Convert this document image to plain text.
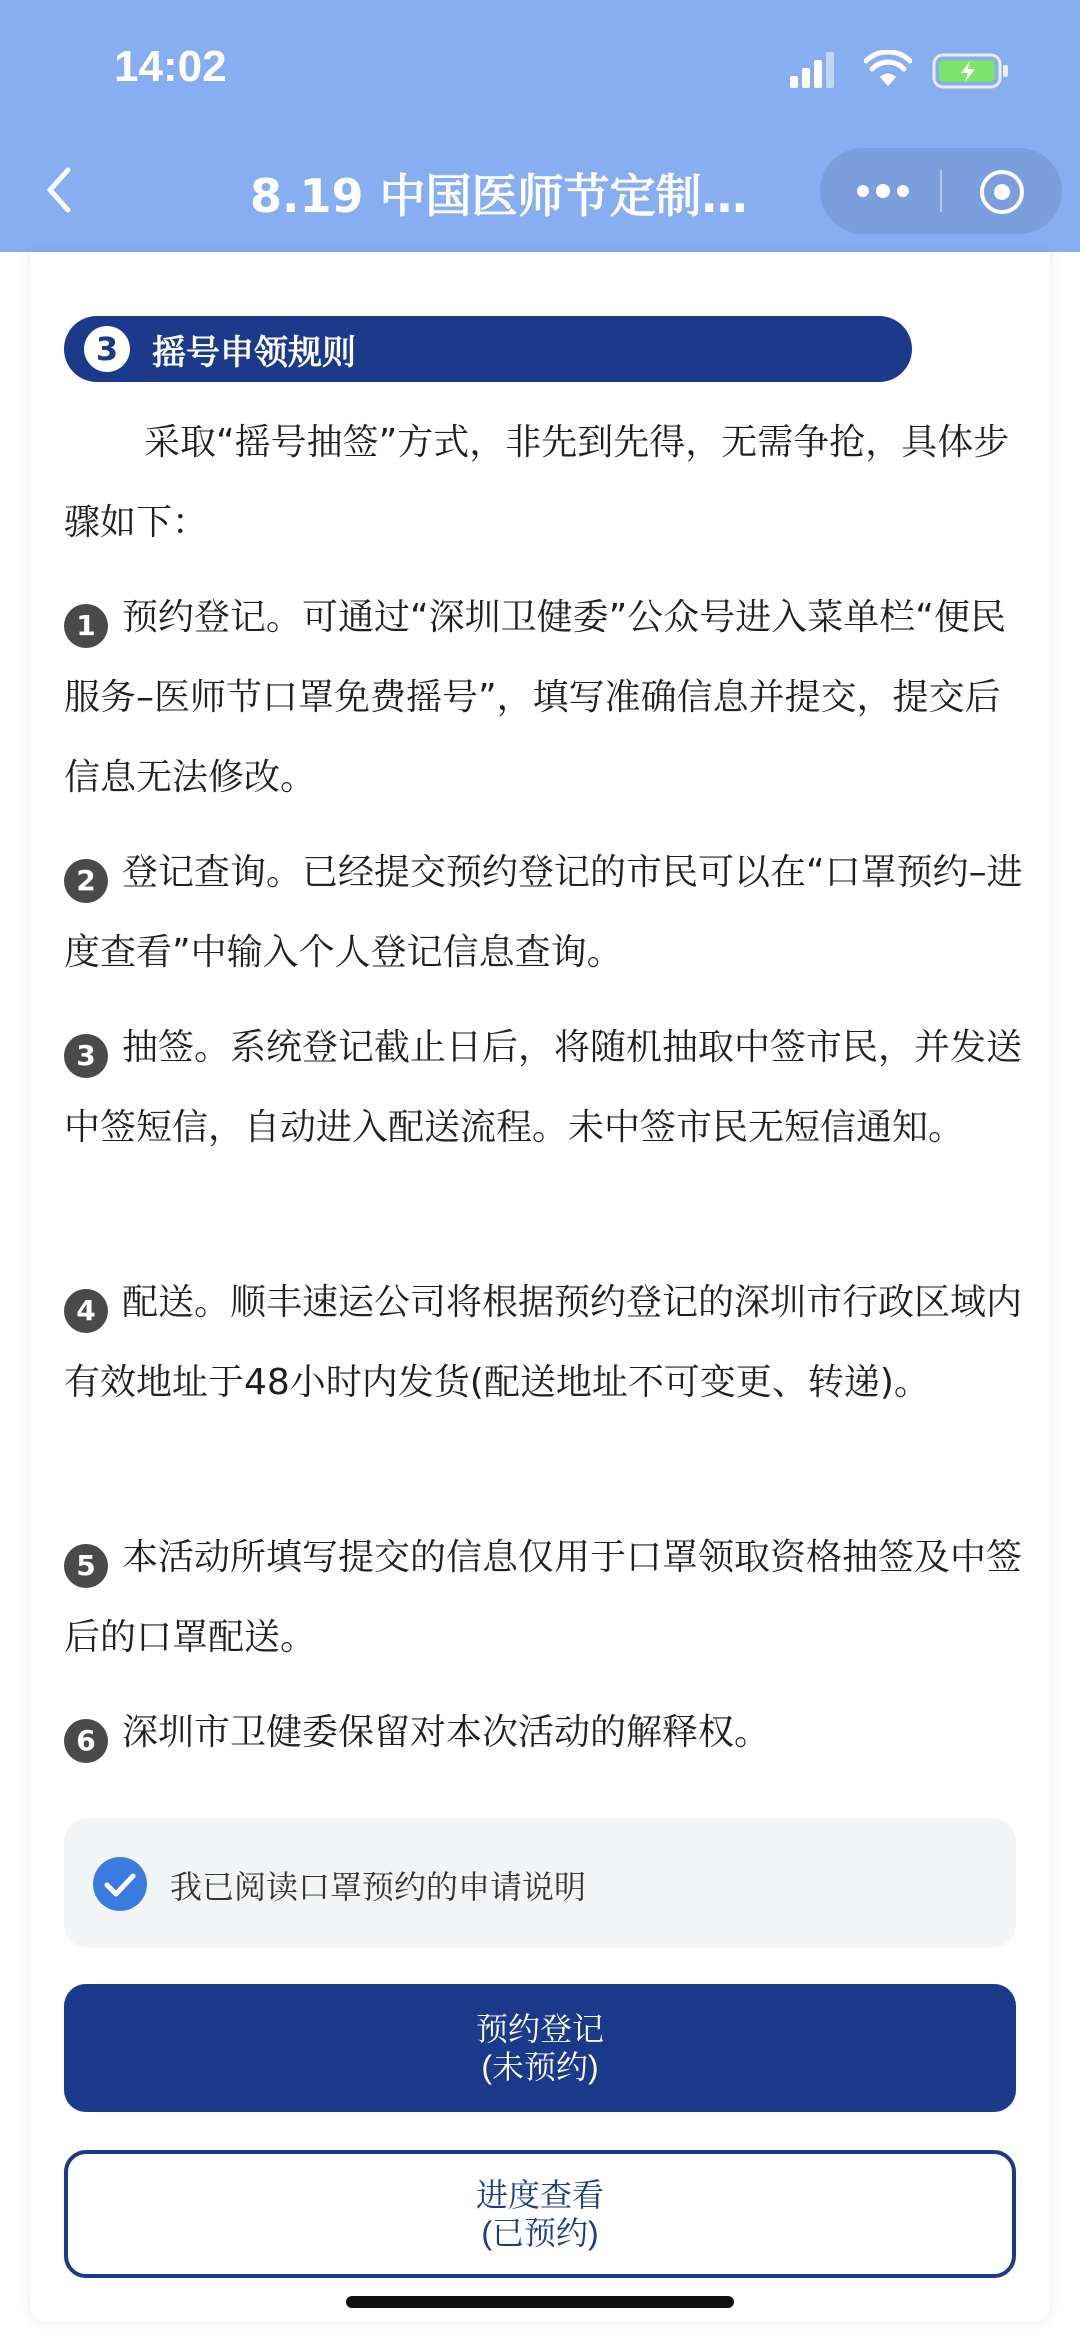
14:02
8.19 中国医师节定制…
3 摇号申领规则
采取“摇号抽签”方式，非先到先得，无需争抢，具体步骤如下：
1 预约登记。可通过“深圳卫健委”公众号进入菜单栏“便民服务–医师节口罩免费摇号”，填写准确信息并提交，提交后信息无法修改。
2 登记查询。已经提交预约登记的市民可以在“口罩预约–进度查看”中输入个人登记信息查询。
3 抽签。系统登记截止日后，将随机抽取中签市民，并发送中签短信，自动进入配送流程。未中签市民无短信通知。
4 配送。顺丰速运公司将根据预约登记的深圳市行政区域内有效地址于48小时内发货(配送地址不可变更、转递)。
5 本活动所填写提交的信息仅用于口罩领取资格抽签及中签后的口罩配送。
6 深圳市卫健委保留对本次活动的解释权。
我已阅读口罩预约的申请说明
预约登记
(未预约)
进度查看
(已预约)
